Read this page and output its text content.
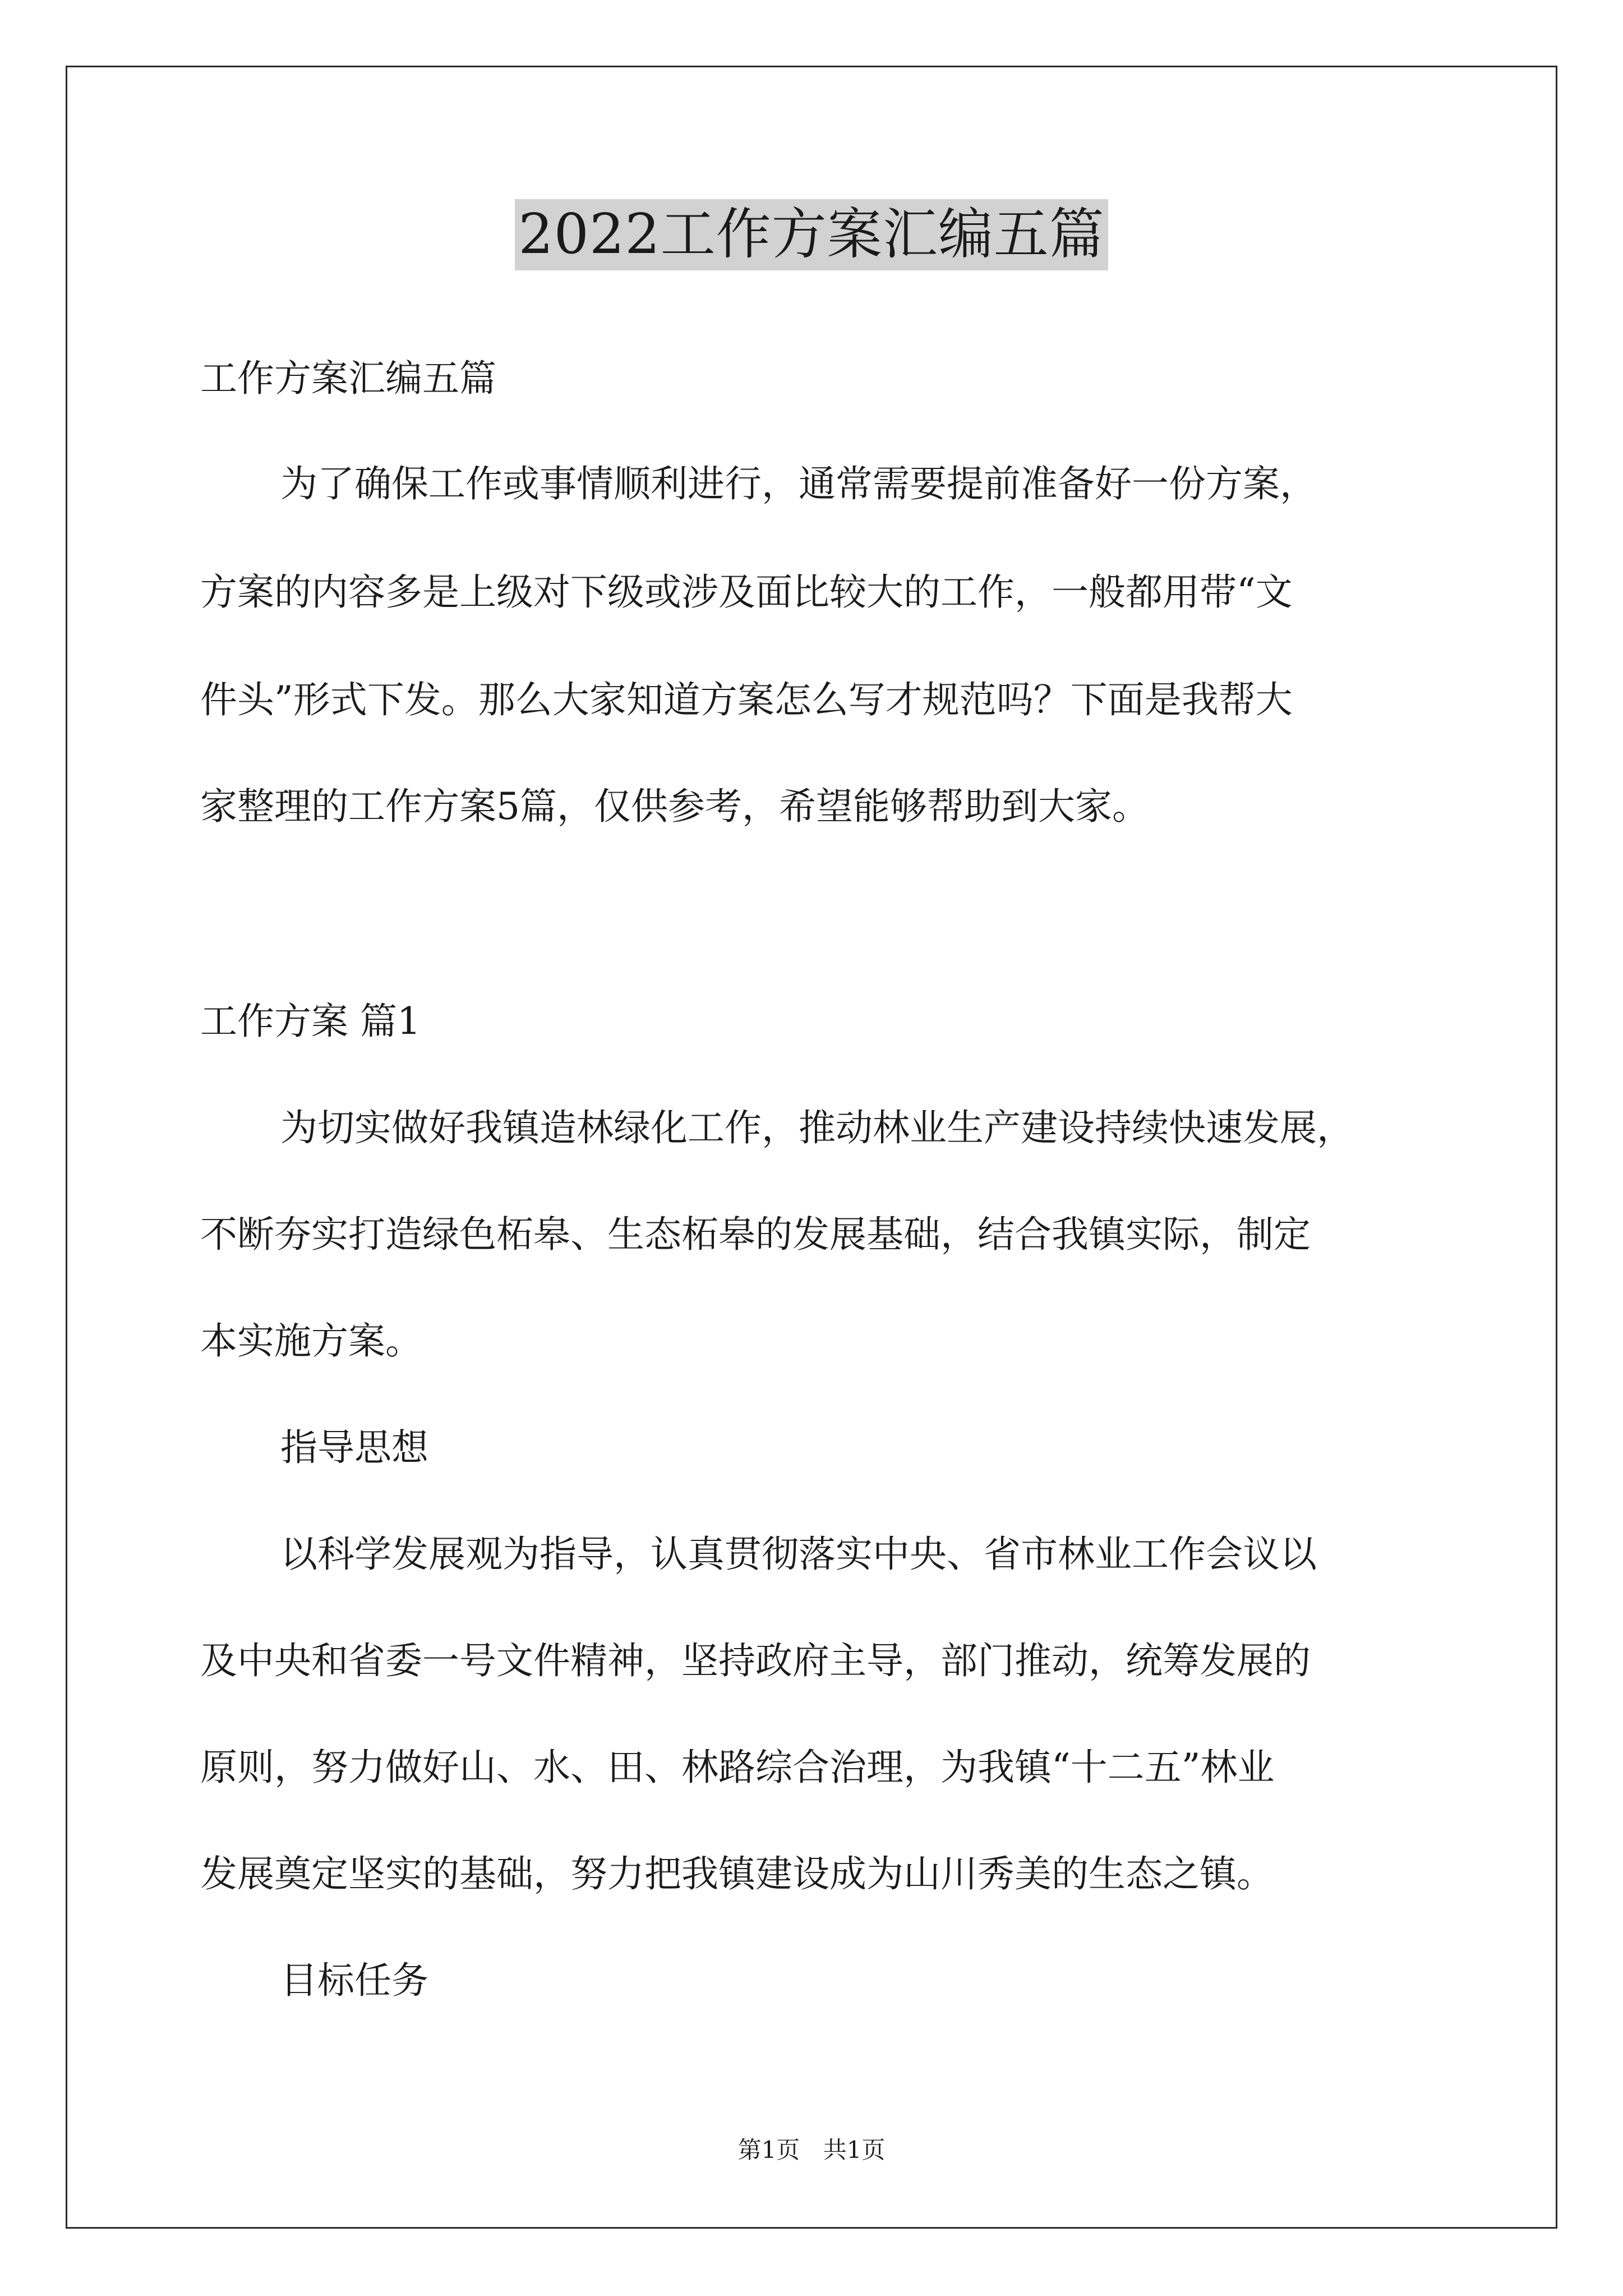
2022工作方案汇编五篇
工作方案汇编五篇
为了确保工作或事情顺利进行，通常需要提前准备好一份方案，
方案的内容多是上级对下级或涉及面比较大的工作，一般都用带“文
件头”形式下发。那么大家知道方案怎么写才规范吗？下面是我帮大
家整理的工作方案5篇，仅供参考，希望能够帮助到大家。
工作方案 篇1
为切实做好我镇造林绿化工作，推动林业生产建设持续快速发展，
不断夯实打造绿色柘皋、生态柘皋的发展基础，结合我镇实际，制定
本实施方案。
指导思想
以科学发展观为指导，认真贯彻落实中央、省市林业工作会议以
及中央和省委一号文件精神，坚持政府主导，部门推动，统筹发展的
原则，努力做好山、水、田、林路综合治理，为我镇“十二五”林业
发展奠定坚实的基础，努力把我镇建设成为山川秀美的生态之镇。
目标任务
第1页 共1页
